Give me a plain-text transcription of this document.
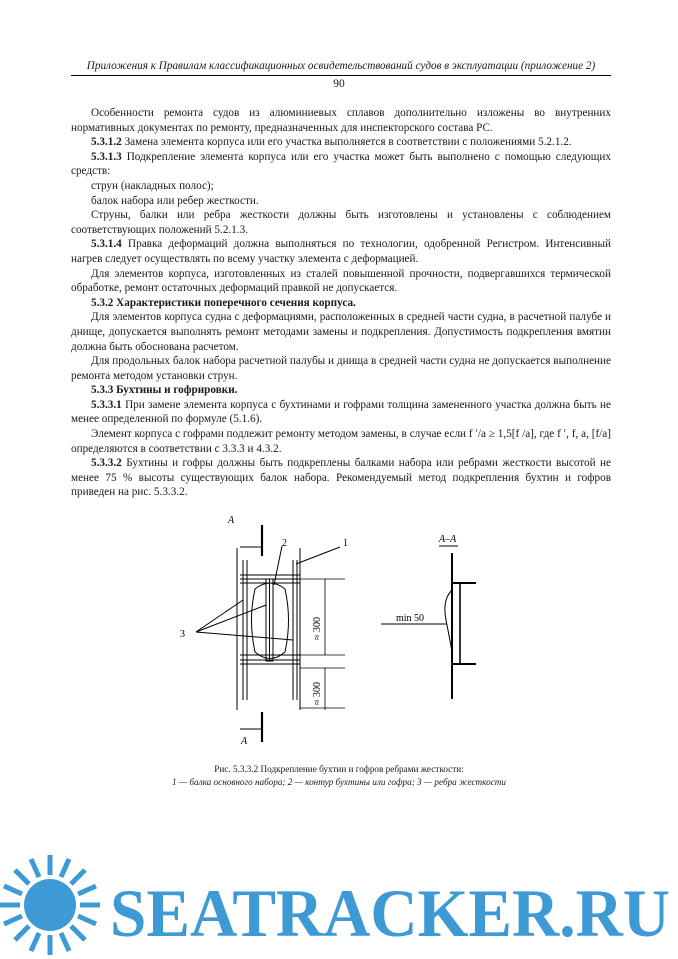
Приложения к Правилам классификационных освидетельствований судов в эксплуатации (приложение 2)
90

Особенности ремонта судов из алюминиевых сплавов дополнительно изложены во внутренних нормативных документах по ремонту, предназначенных для инспекторского состава РС.

5.3.1.2 Замена элемента корпуса или его участка выполняется в соответствии с положениями 5.2.1.2.

5.3.1.3 Подкрепление элемента корпуса или его участка может быть выполнено с помощью следующих средств:

струн (накладных полос);

балок набора или ребер жесткости.

Струны, балки или ребра жесткости должны быть изготовлены и установлены с соблюдением соответствующих положений 5.2.1.3.

5.3.1.4 Правка деформаций должна выполняться по технологии, одобренной Регистром. Интенсивный нагрев следует осуществлять по всему участку элемента с деформацией.

Для элементов корпуса, изготовленных из сталей повышенной прочности, подвергавшихся термической обработке, ремонт остаточных деформаций правкой не допускается.

5.3.2 Характеристики поперечного сечения корпуса.

Для элементов корпуса судна с деформациями, расположенных в средней части судна, в расчетной палубе и днище, допускается выполнять ремонт методами замены и подкрепления. Допустимость подкрепления вмятин должна быть обоснована расчетом.

Для продольных балок набора расчетной палубы и днища в средней части судна не допускается выполнение ремонта методом установки струн.

5.3.3 Бухтины и гофрировки.

5.3.3.1 При замене элемента корпуса с бухтинами и гофрами толщина замененного участка должна быть не менее определенной по формуле (5.1.6).

Элемент корпуса с гофрами подлежит ремонту методом замены, в случае если f ′/a ≥ 1,5[f /a], где f ′, f, a, [f/a] определяются в соответствии с 3.3.3 и 4.3.2.

5.3.3.2 Бухтины и гофры должны быть подкреплены балками набора или ребрами жесткости высотой не менее 75 % высоты существующих балок набора. Рекомендуемый метод подкрепления бухтин и гофров приведен на рис. 5.3.3.2.

A
A
A–A
1
2
3
min 50
≈ 300
≈ 300
Рис. 5.3.3.2 Подкрепление бухтин и гофров ребрами жесткости:
1 — балка основного набора; 2 — контур бухтины или гофра; 3 — ребра жесткости
SEATRACKER.RU
